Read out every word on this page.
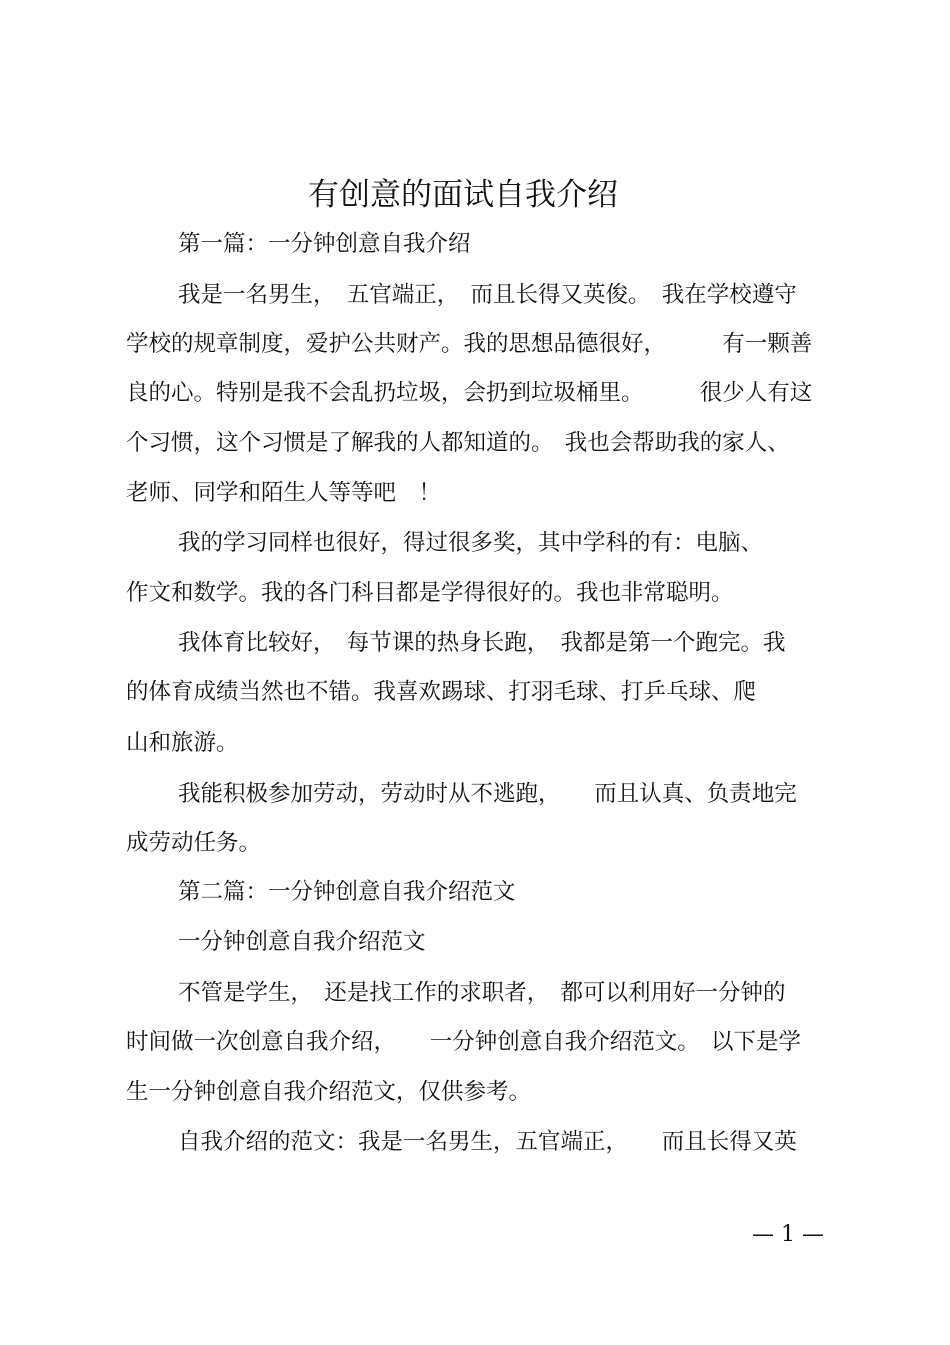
有创意的面试自我介绍
第一篇：一分钟创意自我介绍
我是一名男生，　五官端正，　而且长得又英俊。　我在学校遵守
学校的规章制度，爱护公共财产。我的思想品德很好，　　　有一颗善
良的心。特别是我不会乱扔垃圾，会扔到垃圾桶里。　　　很少人有这
个习惯，这个习惯是了解我的人都知道的。　我也会帮助我的家人、
老师、同学和陌生人等等吧　！
我的学习同样也很好，得过很多奖，其中学科的有：电脑、
作文和数学。我的各门科目都是学得很好的。我也非常聪明。
我体育比较好，　每节课的热身长跑，　我都是第一个跑完。我
的体育成绩当然也不错。我喜欢踢球、打羽毛球、打乒乓球、爬
山和旅游。
我能积极参加劳动，劳动时从不逃跑，　　而且认真、负责地完
成劳动任务。
第二篇：一分钟创意自我介绍范文
一分钟创意自我介绍范文
不管是学生，　还是找工作的求职者，　都可以利用好一分钟的
时间做一次创意自我介绍，　　一分钟创意自我介绍范文。　以下是学
生一分钟创意自我介绍范文，仅供参考。
自我介绍的范文：我是一名男生，五官端正，　　而且长得又英
— 1 —
